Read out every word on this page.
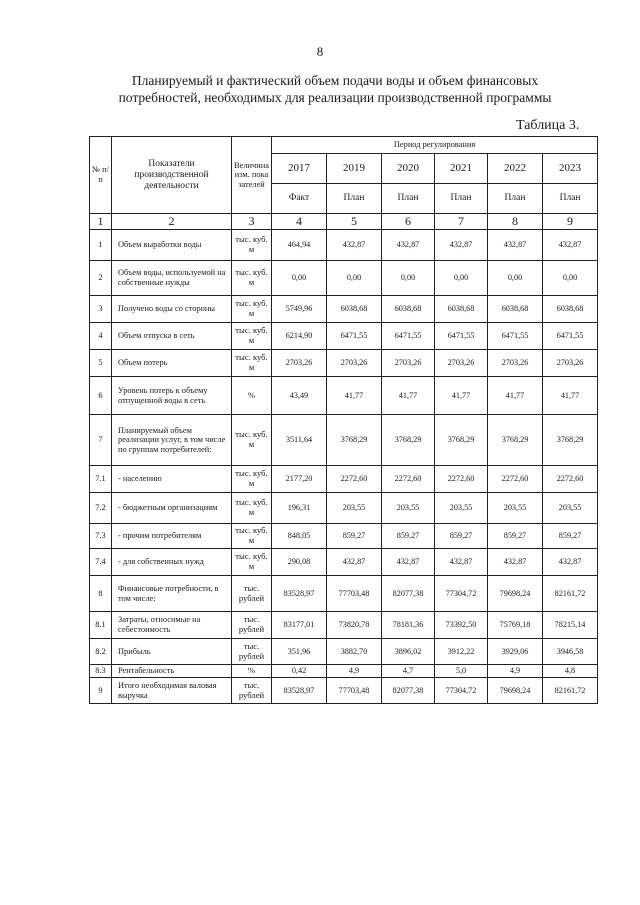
8
Планируемый и фактический объем подачи воды и объем финансовых
потребностей, необходимых для реализации производственной программы
Таблица 3.
№ п/п	Показатели производственной деятельности	Величина изм. показателей	Период регулирования					
			2017	2019	2020	2021	2022	2023
			Факт	План	План	План	План	План
1	2	3	4	5	6	7	8	9
1	Объем выработки воды	тыс. куб. м	464,94	432,87	432,87	432,87	432,87	432,87
2	Объем воды, используемой на собственные нужды	тыс. куб. м	0,00	0,00	0,00	0,00	0,00	0,00
3	Получено воды со стороны	тыс. куб. м	5749,96	6038,68	6038,68	6038,68	6038,68	6038,68
4	Объем отпуска в сеть	тыс. куб. м	6214,90	6471,55	6471,55	6471,55	6471,55	6471,55
5	Объем потерь	тыс. куб. м	2703,26	2703,26	2703,26	2703,26	2703,26	2703,26
6	Уровень потерь к объему отпущенной воды в сеть	%	43,49	41,77	41,77	41,77	41,77	41,77
7	Планируемый объем реализации услуг, в том числе по группам потребителей:	тыс. куб. м	3511,64	3768,29	3768,29	3768,29	3768,29	3768,29
7.1	- населению	тыс. куб. м	2177,20	2272,60	2272,60	2272,60	2272,60	2272,60
7.2	- бюджетным организациям	тыс. куб. м	196,31	203,55	203,55	203,55	203,55	203,55
7.3	- прочим потребителям	тыс. куб. м	848,05	859,27	859,27	859,27	859,27	859,27
7.4	- для собственных нужд	тыс. куб. м	290,08	432,87	432,87	432,87	432,87	432,87
8	Финансовые потребности, в том числе:	тыс. рублей	83528,97	77703,48	82077,38	77304,72	79698,24	82161,72
8.1	Затраты, относимые на себестоимость	тыс. рублей	83177,01	73820,78	78181,36	73392,50	75769,18	78215,14
8.2	Прибыль	тыс. рублей	351,96	3882,70	3896,02	3912,22	3929,06	3946,58
8.3	Рентабельность	%	0,42	4,9	4,7	5,0	4,9	4,8
9	Итого необходимая валовая выручка	тыс. рублей	83528,97	77703,48	82077,38	77304,72	79698,24	82161,72
